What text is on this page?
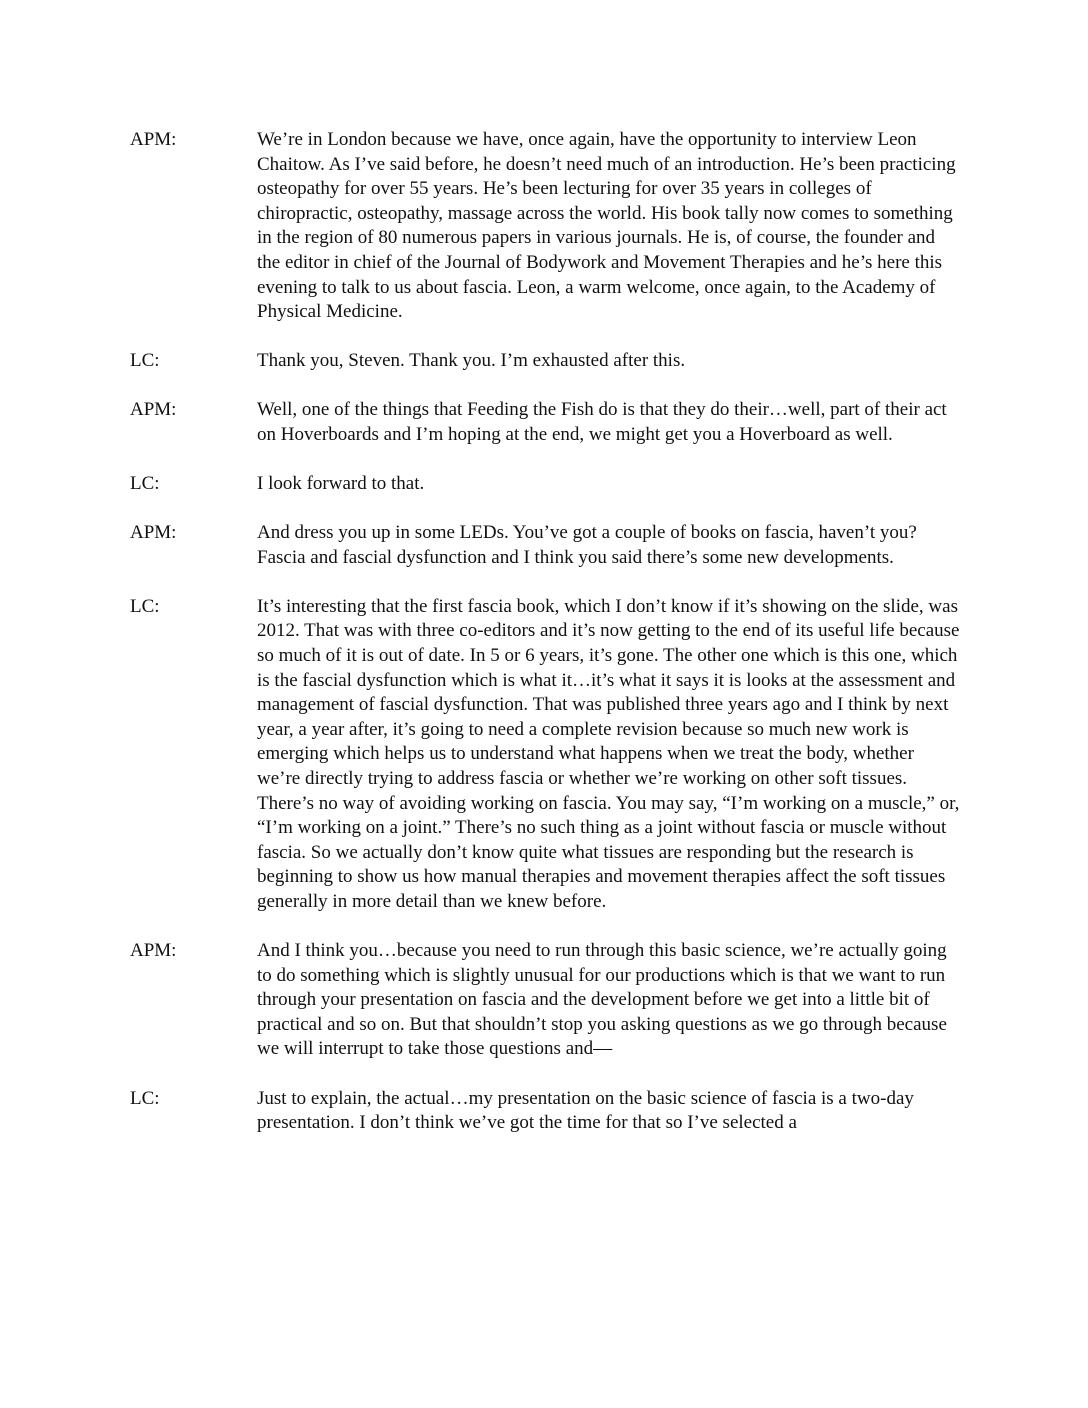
APM:	We’re in London because we have, once again, have the opportunity to interview Leon Chaitow. As I’ve said before, he doesn’t need much of an introduction. He’s been practicing osteopathy for over 55 years. He’s been lecturing for over 35 years in colleges of chiropractic, osteopathy, massage across the world. His book tally now comes to something in the region of 80 numerous papers in various journals. He is, of course, the founder and the editor in chief of the Journal of Bodywork and Movement Therapies and he’s here this evening to talk to us about fascia. Leon, a warm welcome, once again, to the Academy of Physical Medicine.

LC:	Thank you, Steven. Thank you. I’m exhausted after this.

APM:	Well, one of the things that Feeding the Fish do is that they do their…well, part of their act on Hoverboards and I’m hoping at the end, we might get you a Hoverboard as well.

LC:	I look forward to that.

APM:	And dress you up in some LEDs. You’ve got a couple of books on fascia, haven’t you? Fascia and fascial dysfunction and I think you said there’s some new developments.

LC:	It’s interesting that the first fascia book, which I don’t know if it’s showing on the slide, was 2012. That was with three co-editors and it’s now getting to the end of its useful life because so much of it is out of date. In 5 or 6 years, it’s gone. The other one which is this one, which is the fascial dysfunction which is what it…it’s what it says it is looks at the assessment and management of fascial dysfunction. That was published three years ago and I think by next year, a year after, it’s going to need a complete revision because so much new work is emerging which helps us to understand what happens when we treat the body, whether we’re directly trying to address fascia or whether we’re working on other soft tissues. There’s no way of avoiding working on fascia. You may say, “I’m working on a muscle,” or, “I’m working on a joint.” There’s no such thing as a joint without fascia or muscle without fascia. So we actually don’t know quite what tissues are responding but the research is beginning to show us how manual therapies and movement therapies affect the soft tissues generally in more detail than we knew before.

APM:	And I think you…because you need to run through this basic science, we’re actually going to do something which is slightly unusual for our productions which is that we want to run through your presentation on fascia and the development before we get into a little bit of practical and so on. But that shouldn’t stop you asking questions as we go through because we will interrupt to take those questions and—

LC:	Just to explain, the actual…my presentation on the basic science of fascia is a two-day presentation. I don’t think we’ve got the time for that so I’ve selected a
